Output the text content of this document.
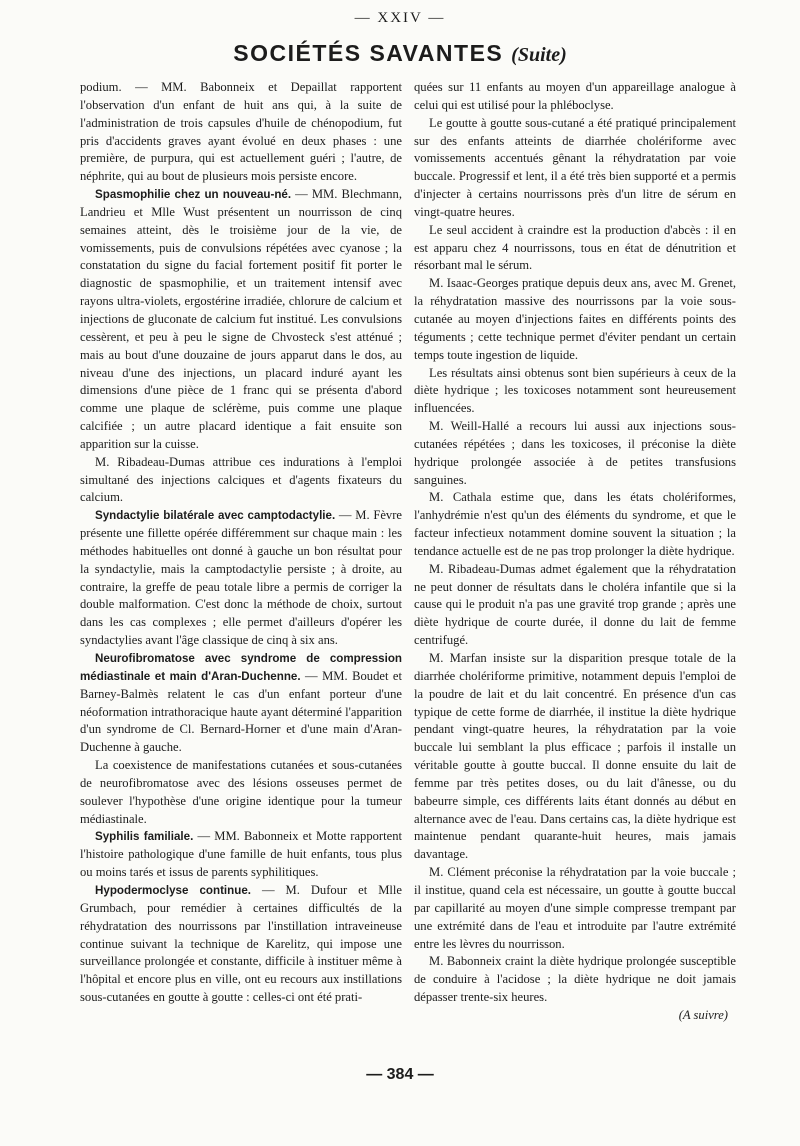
— XXIV —
SOCIÉTÉS SAVANTES (Suite)

podium. — MM. Babonneix et Depaillat rapportent l'observation d'un enfant de huit ans qui, à la suite de l'administration de trois capsules d'huile de chénopodium, fut pris d'accidents graves ayant évolué en deux phases : une première, de purpura, qui est actuellement guéri ; l'autre, de néphrite, qui au bout de plusieurs mois persiste encore.

Spasmophilie chez un nouveau-né. — MM. Blechmann, Landrieu et Mlle Wust présentent un nourrisson de cinq semaines atteint, dès le troisième jour de la vie, de vomissements, puis de convulsions répétées avec cyanose ; la constatation du signe du facial fortement positif fit porter le diagnostic de spasmophilie, et un traitement intensif avec rayons ultra-violets, ergostérine irradiée, chlorure de calcium et injections de gluconate de calcium fut institué. Les convulsions cessèrent, et peu à peu le signe de Chvosteck s'est atténué ; mais au bout d'une douzaine de jours apparut dans le dos, au niveau d'une des injections, un placard induré ayant les dimensions d'une pièce de 1 franc qui se présenta d'abord comme une plaque de sclérème, puis comme une plaque calcifiée ; un autre placard identique a fait ensuite son apparition sur la cuisse.

M. Ribadeau-Dumas attribue ces indurations à l'emploi simultané des injections calciques et d'agents fixateurs du calcium.

Syndactylie bilatérale avec camptodactylie. — M. Fèvre présente une fillette opérée différemment sur chaque main : les méthodes habituelles ont donné à gauche un bon résultat pour la syndactylie, mais la camptodactylie persiste ; à droite, au contraire, la greffe de peau totale libre a permis de corriger la double malformation. C'est donc la méthode de choix, surtout dans les cas complexes ; elle permet d'ailleurs d'opérer les syndactylies avant l'âge classique de cinq à six ans.

Neurofibromatose avec syndrome de compression médiastinale et main d'Aran-Duchenne. — MM. Boudet et Barney-Balmès relatent le cas d'un enfant porteur d'une néoformation intrathoracique haute ayant déterminé l'apparition d'un syndrome de Cl. Bernard-Horner et d'une main d'Aran-Duchenne à gauche.

La coexistence de manifestations cutanées et sous-cutanées de neurofibromatose avec des lésions osseuses permet de soulever l'hypothèse d'une origine identique pour la tumeur médiastinale.

Syphilis familiale. — MM. Babonneix et Motte rapportent l'histoire pathologique d'une famille de huit enfants, tous plus ou moins tarés et issus de parents syphilitiques.

Hypodermoclyse continue. — M. Dufour et Mlle Grumbach, pour remédier à certaines difficultés de la réhydratation des nourrissons par l'instillation intraveineuse continue suivant la technique de Karelitz, qui impose une surveillance prolongée et constante, difficile à instituer même à l'hôpital et encore plus en ville, ont eu recours aux instillations sous-cutanées en goutte à goutte : celles-ci ont été prati-

quées sur 11 enfants au moyen d'un appareillage analogue à celui qui est utilisé pour la phléboclyse.

Le goutte à goutte sous-cutané a été pratiqué principalement sur des enfants atteints de diarrhée cholériforme avec vomissements accentués gênant la réhydratation par voie buccale. Progressif et lent, il a été très bien supporté et a permis d'injecter à certains nourrissons près d'un litre de sérum en vingt-quatre heures.

Le seul accident à craindre est la production d'abcès : il en est apparu chez 4 nourrissons, tous en état de dénutrition et résorbant mal le sérum.

M. Isaac-Georges pratique depuis deux ans, avec M. Grenet, la réhydratation massive des nourrissons par la voie sous-cutanée au moyen d'injections faites en différents points des téguments ; cette technique permet d'éviter pendant un certain temps toute ingestion de liquide.

Les résultats ainsi obtenus sont bien supérieurs à ceux de la diète hydrique ; les toxicoses notamment sont heureusement influencées.

M. Weill-Hallé a recours lui aussi aux injections sous-cutanées répétées ; dans les toxicoses, il préconise la diète hydrique prolongée associée à de petites transfusions sanguines.

M. Cathala estime que, dans les états cholériformes, l'anhydrémie n'est qu'un des éléments du syndrome, et que le facteur infectieux notamment domine souvent la situation ; la tendance actuelle est de ne pas trop prolonger la diète hydrique.

M. Ribadeau-Dumas admet également que la réhydratation ne peut donner de résultats dans le choléra infantile que si la cause qui le produit n'a pas une gravité trop grande ; après une diète hydrique de courte durée, il donne du lait de femme centrifugé.

M. Marfan insiste sur la disparition presque totale de la diarrhée cholériforme primitive, notamment depuis l'emploi de la poudre de lait et du lait concentré. En présence d'un cas typique de cette forme de diarrhée, il institue la diète hydrique pendant vingt-quatre heures, la réhydratation par la voie buccale lui semblant la plus efficace ; parfois il installe un véritable goutte à goutte buccal. Il donne ensuite du lait de femme par très petites doses, ou du lait d'ânesse, ou du babeurre simple, ces différents laits étant donnés au début en alternance avec de l'eau. Dans certains cas, la diète hydrique est maintenue pendant quarante-huit heures, mais jamais davantage.

M. Clément préconise la réhydratation par la voie buccale ; il institue, quand cela est nécessaire, un goutte à goutte buccal par capillarité au moyen d'une simple compresse trempant par une extrémité dans de l'eau et introduite par l'autre extrémité entre les lèvres du nourrisson.

M. Babonneix craint la diète hydrique prolongée susceptible de conduire à l'acidose ; la diète hydrique ne doit jamais dépasser trente-six heures.

(A suivre)

— 384 —
